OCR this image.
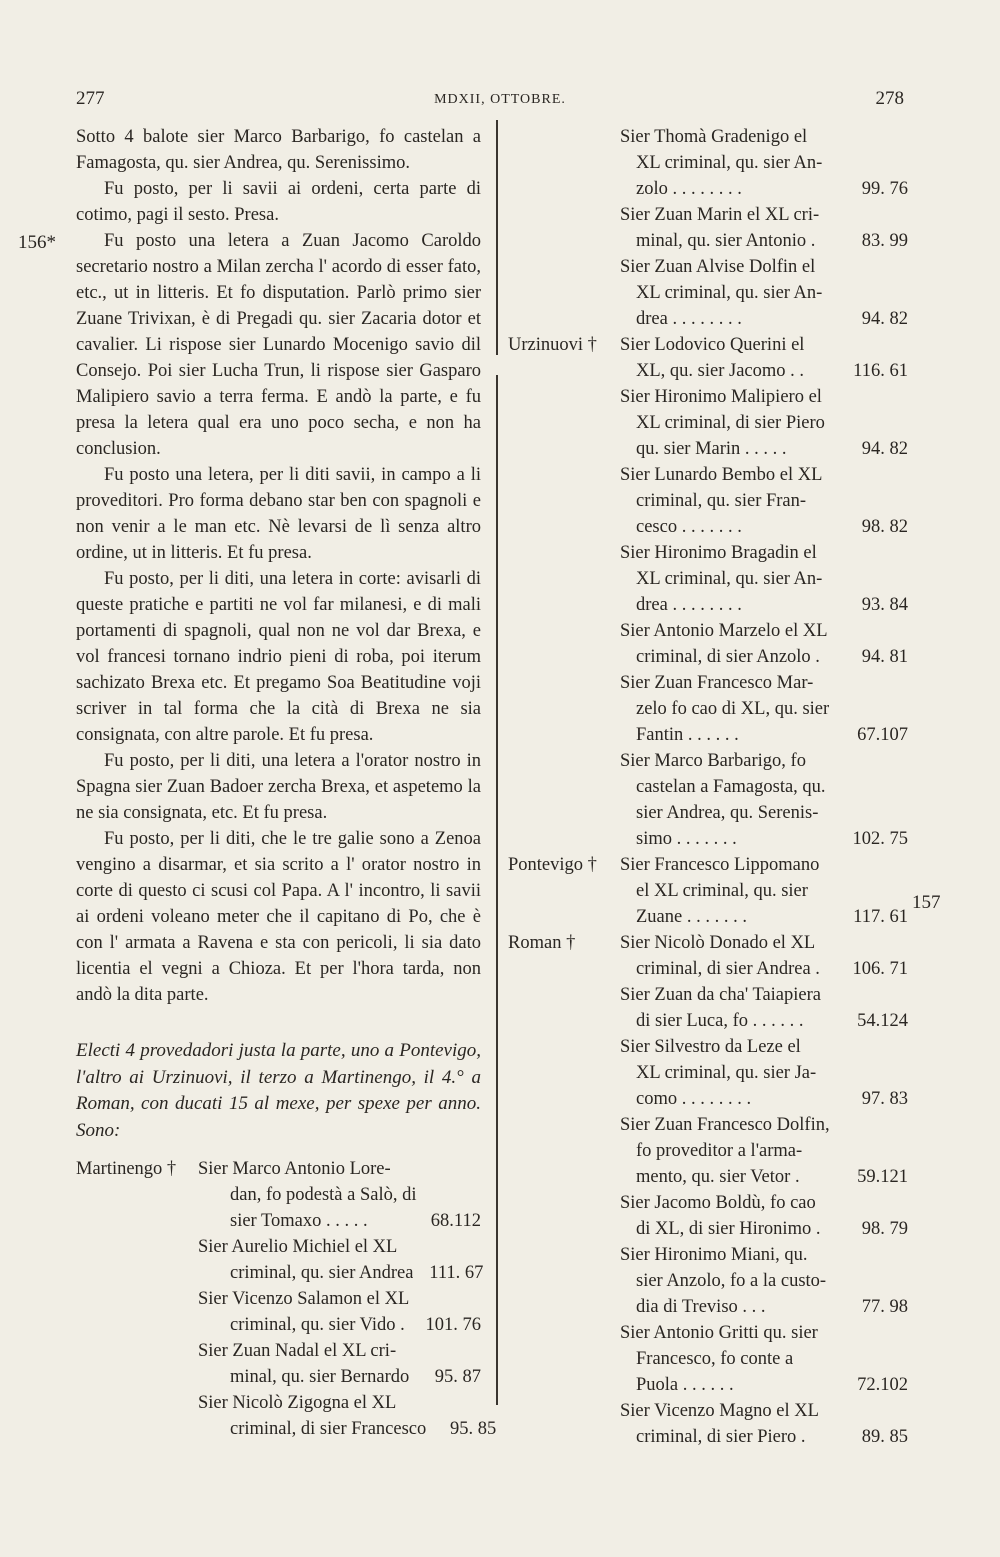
277	MDXII, OTTOBRE.	278
156*
157

Sotto 4 balote sier Marco Barbarigo, fo castelan a Famagosta, qu. sier Andrea, qu. Serenissimo.

Fu posto, per li savii ai ordeni, certa parte di cotimo, pagi il sesto. Presa.

Fu posto una letera a Zuan Jacomo Caroldo secretario nostro a Milan zercha l' acordo di esser fato, etc., ut in litteris. Et fo disputation. Parlò primo sier Zuane Trivixan, è di Pregadi qu. sier Zacaria dotor et cavalier. Li rispose sier Lunardo Mocenigo savio dil Consejo. Poi sier Lucha Trun, li rispose sier Gasparo Malipiero savio a terra ferma. E andò la parte, e fu presa la letera qual era uno poco secha, e non ha conclusion.

Fu posto una letera, per li diti savii, in campo a li proveditori. Pro forma debano star ben con spagnoli e non venir a le man etc. Nè levarsi de lì senza altro ordine, ut in litteris. Et fu presa.

Fu posto, per li diti, una letera in corte: avisarli di queste pratiche e partiti ne vol far milanesi, e di mali portamenti di spagnoli, qual non ne vol dar Brexa, e vol francesi tornano indrio pieni di roba, poi iterum sachizato Brexa etc. Et pregamo Soa Beatitudine voji scriver in tal forma che la cità di Brexa ne sia consignata, con altre parole. Et fu presa.

Fu posto, per li diti, una letera a l'orator nostro in Spagna sier Zuan Badoer zercha Brexa, et aspetemo la ne sia consignata, etc. Et fu presa.

Fu posto, per li diti, che le tre galie sono a Zenoa vengino a disarmar, et sia scrito a l' orator nostro in corte di questo ci scusi col Papa. A l' incontro, li savii ai ordeni voleano meter che il capitano di Po, che è con l' armata a Ravena e sta con pericoli, li sia dato licentia el vegni a Chioza. Et per l'hora tarda, non andò la dita parte.

Electi 4 provedadori justa la parte, uno a Pontevigo, l'altro ai Urzinuovi, il terzo a Martinengo, il 4.° a Roman, con ducati 15 al mexe, per spexe per anno. Sono:

Martinengo †	Sier Marco Antonio Lore-
dan, fo podestà a Salò, di
sier Tomaxo . . . . .	68.112
Sier Aurelio Michiel el XL
criminal, qu. sier Andrea 111. 67
Sier Vicenzo Salamon el XL
criminal, qu. sier Vido .	101. 76
Sier Zuan Nadal el XL cri-
minal, qu. sier Bernardo	95. 87
Sier Nicolò Zigogna el XL
criminal, di sier Francesco	95. 85
Sier Thomà Gradenigo el
XL criminal, qu. sier An-
zolo . . . . . . . .	99. 76
Sier Zuan Marin el XL cri-
minal, qu. sier Antonio .	83. 99
Sier Zuan Alvise Dolfin el
XL criminal, qu. sier An-
drea . . . . . . . .	94. 82
Urzinuovi †	Sier Lodovico Querini el
XL, qu. sier Jacomo . .	116. 61
Sier Hironimo Malipiero el
XL criminal, di sier Piero
qu. sier Marin . . . . .	94. 82
Sier Lunardo Bembo el XL
criminal, qu. sier Fran-
cesco . . . . . . .	98. 82
Sier Hironimo Bragadin el
XL criminal, qu. sier An-
drea . . . . . . . .	93. 84
Sier Antonio Marzelo el XL
criminal, di sier Anzolo .	94. 81
Sier Zuan Francesco Mar-
zelo fo cao di XL, qu. sier
Fantin . . . . . .	67.107
Sier Marco Barbarigo, fo
castelan a Famagosta, qu.
sier Andrea, qu. Serenis-
simo . . . . . . .	102. 75
Pontevigo †	Sier Francesco Lippomano
el XL criminal, qu. sier
Zuane . . . . . . .	117. 61
Roman †	Sier Nicolò Donado el XL
criminal, di sier Andrea .	106. 71
Sier Zuan da cha' Taiapiera
di sier Luca, fo . . . . . .	54.124
Sier Silvestro da Leze el
XL criminal, qu. sier Ja-
como . . . . . . . .	97. 83
Sier Zuan Francesco Dolfin,
fo proveditor a l'arma-
mento, qu. sier Vetor .	59.121
Sier Jacomo Boldù, fo cao
di XL, di sier Hironimo .	98. 79
Sier Hironimo Miani, qu.
sier Anzolo, fo a la custo-
dia di Treviso . . .	77. 98
Sier Antonio Gritti qu. sier
Francesco, fo conte a
Puola . . . . . .	72.102
Sier Vicenzo Magno el XL
criminal, di sier Piero .	89. 85
